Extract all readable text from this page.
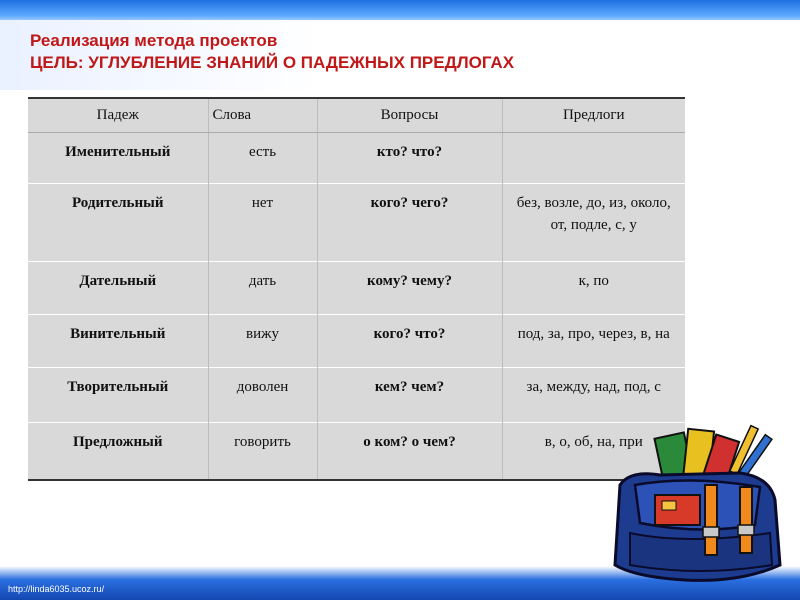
Реализация метода проектов
ЦЕЛЬ: УГЛУБЛЕНИЕ ЗНАНИЙ О ПАДЕЖНЫХ ПРЕДЛОГАХ
Падеж	Слова	Вопросы	Предлоги
Именительный	есть	кто? что?	
Родительный	нет	кого? чего?	без, возле, до, из, около, от, подле, с, у
Дательный	дать	кому? чему?	к, по
Винительный	вижу	кого? что?	под, за, про, через, в, на
Творительный	доволен	кем? чем?	за, между, над, под, с
Предложный	говорить	о ком? о чем?	в, о, об, на, при
http://linda6035.ucoz.ru/
